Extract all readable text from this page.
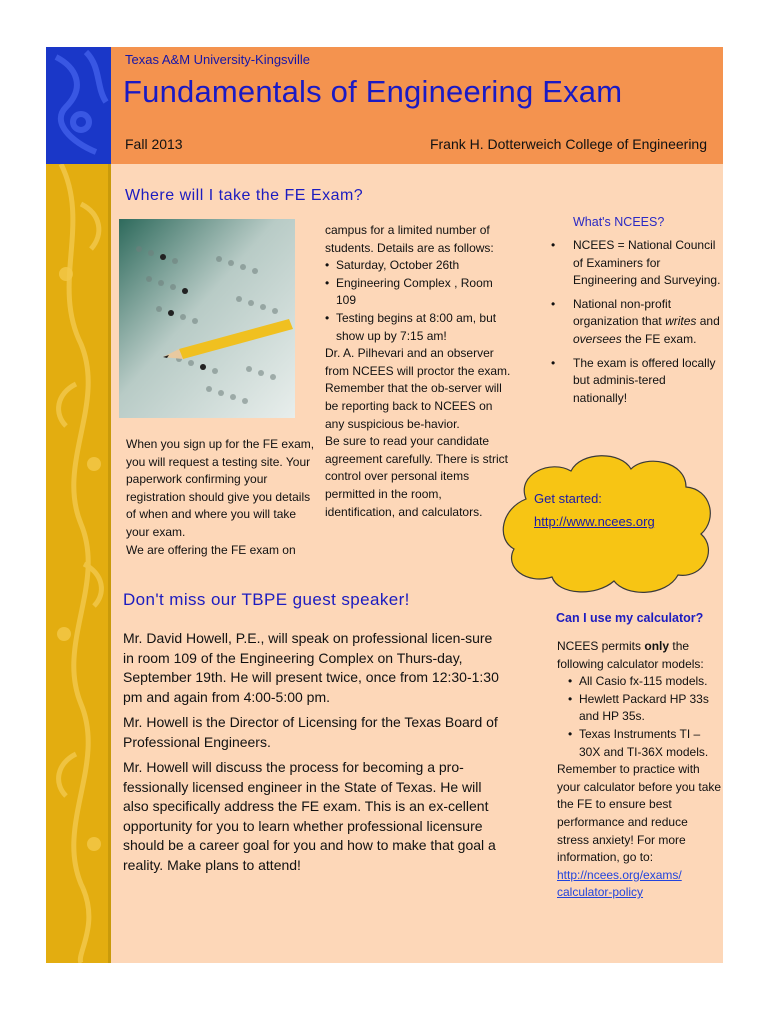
Texas A&M University-Kingsville
Fundamentals of Engineering Exam
Fall 2013	Frank H. Dotterweich College of Engineering
Where will I take the FE Exam?
When you sign up for the FE exam, you will request a testing site. Your paperwork confirming your registration should give you details of when and where you will take your exam.
We are offering the FE exam on
campus for a limited number of students. Details are as follows:
• Saturday, October 26th
• Engineering Complex , Room 109
• Testing begins at 8:00 am, but show up by 7:15 am!
Dr. A. Pilhevari and an observer from NCEES will proctor the exam. Remember that the ob-server will be reporting back to NCEES on any suspicious be-havior.
Be sure to read your candidate agreement carefully. There is strict control over personal items permitted in the room, identification, and calculators.
What's NCEES?
• NCEES = National Council of Examiners for Engineering and Surveying.
• National non-profit organization that writes and oversees the FE exam.
• The exam is offered locally but adminis-tered nationally!
Get started:
http://www.ncees.org
Don't miss our TBPE guest speaker!

Mr. David Howell, P.E., will speak on professional licen-sure in room 109 of the Engineering Complex on Thurs-day, September 19th. He will present twice, once from 12:30-1:30 pm and again from 4:00-5:00 pm.

Mr. Howell is the Director of Licensing for the Texas Board of Professional Engineers.

Mr. Howell will discuss the process for becoming a pro-fessionally licensed engineer in the State of Texas. He will also specifically address the FE exam. This is an ex-cellent opportunity for you to learn whether professional licensure should be a career goal for you and how to make that goal a reality. Make plans to attend!

Can I use my calculator?

NCEES permits only the following calculator models:

• All Casio fx-115 models.
• Hewlett Packard HP 33s and HP 35s.
• Texas Instruments TI – 30X and TI-36X models.

Remember to practice with your calculator before you take the FE to ensure best performance and reduce stress anxiety! For more information, go to:

http://ncees.org/exams/
calculator-policy
